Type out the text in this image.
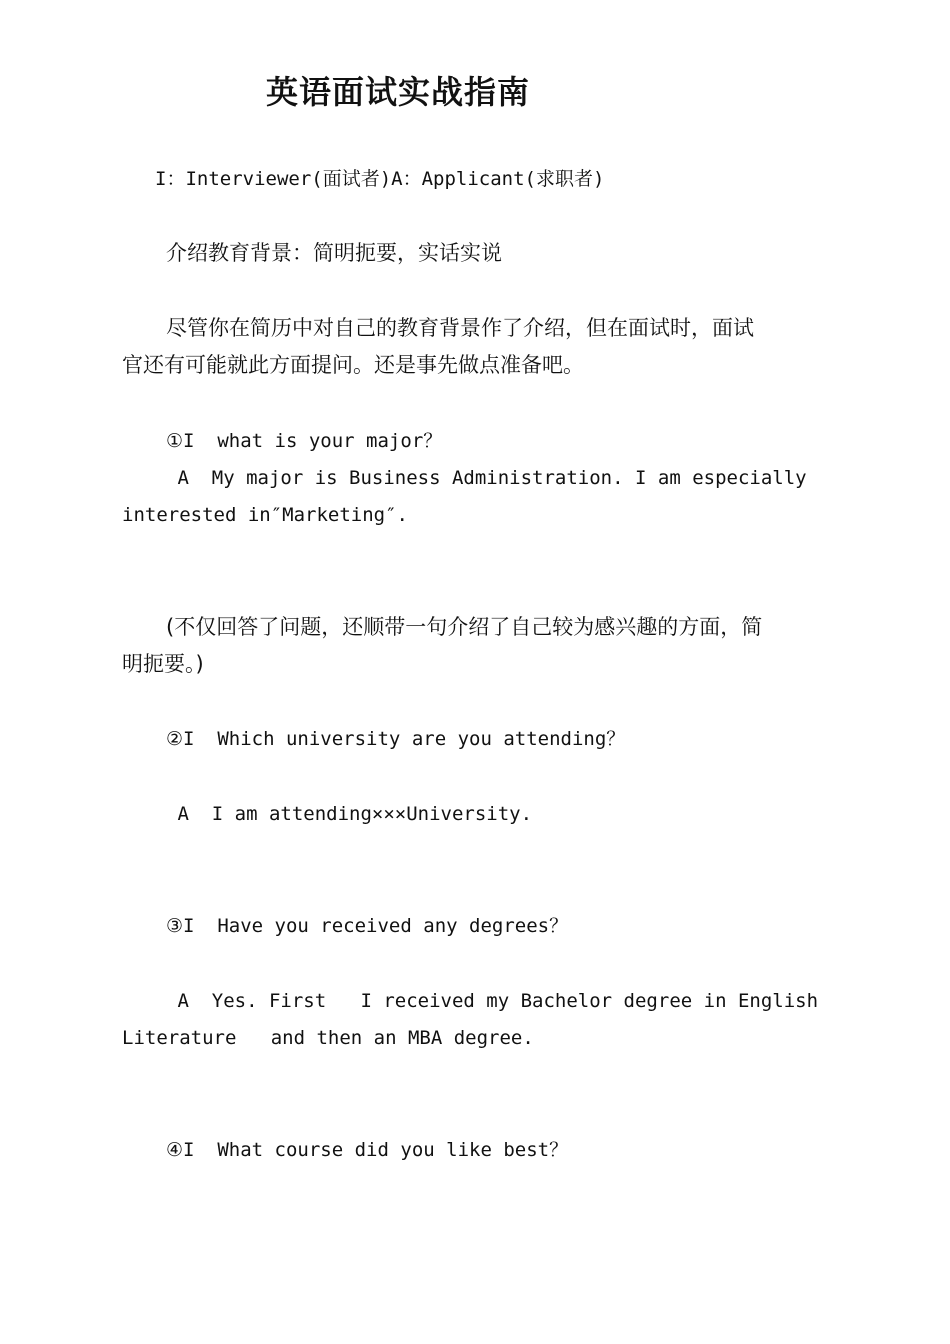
英语面试实战指南

I：Interviewer(面试者)A：Applicant(求职者)

介绍教育背景：简明扼要，实话实说

尽管你在简历中对自己的教育背景作了介绍，但在面试时，面试

官还有可能就此方面提问。还是事先做点准备吧。

①I  what is your major？

A  My major is Business Administration. I am especially

interested in″Marketing″.

(不仅回答了问题，还顺带一句介绍了自己较为感兴趣的方面，简

明扼要。)

②I  Which university are you attending？

A  I am attending×××University.

③I  Have you received any degrees？

A  Yes. First   I received my Bachelor degree in English

Literature   and then an MBA degree.

④I  What course did you like best？
